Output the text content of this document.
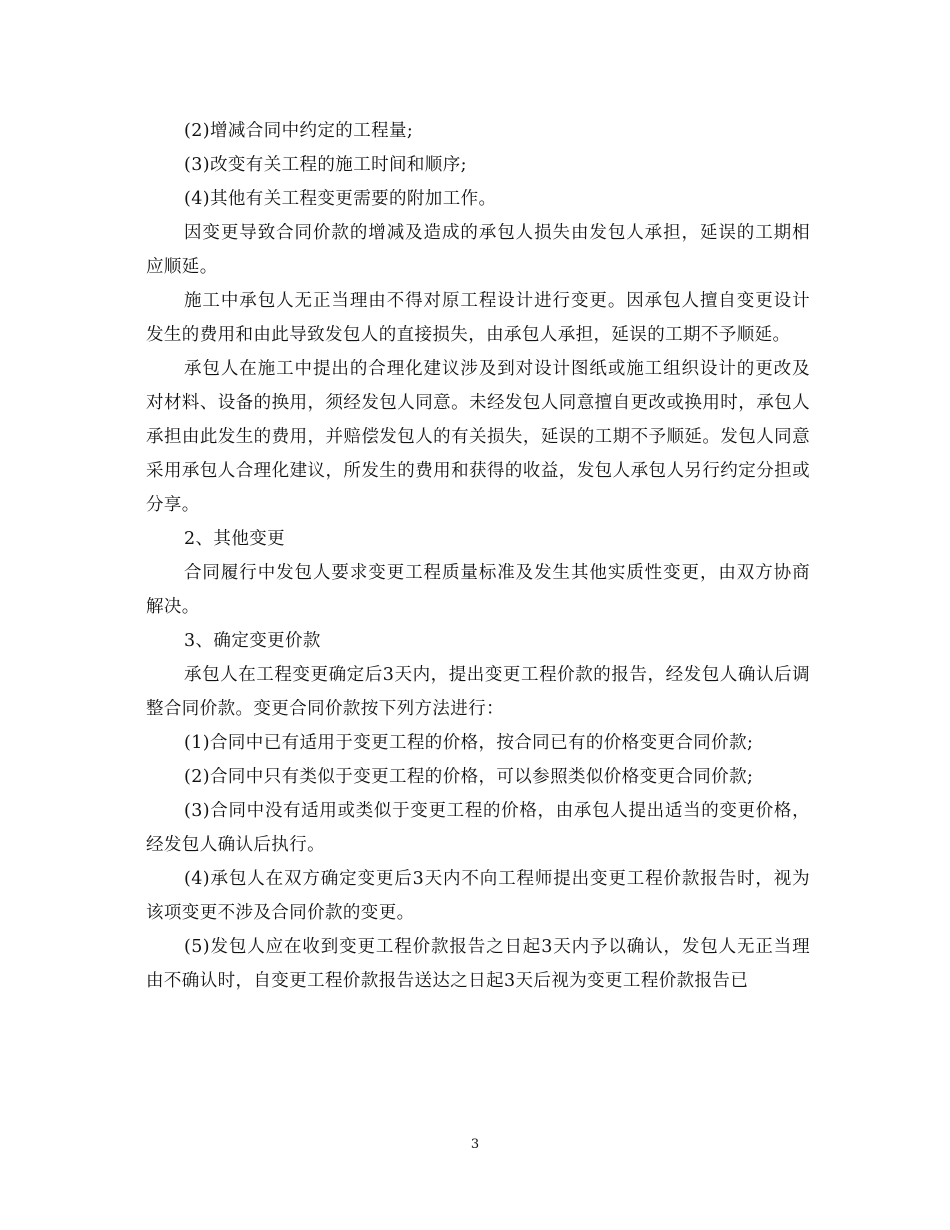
(2)增减合同中约定的工程量;

(3)改变有关工程的施工时间和顺序;

(4)其他有关工程变更需要的附加工作。

因变更导致合同价款的增减及造成的承包人损失由发包人承担，延误的工期相应顺延。

施工中承包人无正当理由不得对原工程设计进行变更。因承包人擅自变更设计发生的费用和由此导致发包人的直接损失，由承包人承担，延误的工期不予顺延。

承包人在施工中提出的合理化建议涉及到对设计图纸或施工组织设计的更改及对材料、设备的换用，须经发包人同意。未经发包人同意擅自更改或换用时，承包人承担由此发生的费用，并赔偿发包人的有关损失，延误的工期不予顺延。发包人同意采用承包人合理化建议，所发生的费用和获得的收益，发包人承包人另行约定分担或分享。

2、其他变更

合同履行中发包人要求变更工程质量标准及发生其他实质性变更，由双方协商解决。

3、确定变更价款

承包人在工程变更确定后3天内，提出变更工程价款的报告，经发包人确认后调整合同价款。变更合同价款按下列方法进行：

(1)合同中已有适用于变更工程的价格，按合同已有的价格变更合同价款;

(2)合同中只有类似于变更工程的价格，可以参照类似价格变更合同价款;

(3)合同中没有适用或类似于变更工程的价格，由承包人提出适当的变更价格，经发包人确认后执行。

(4)承包人在双方确定变更后3天内不向工程师提出变更工程价款报告时，视为该项变更不涉及合同价款的变更。

(5)发包人应在收到变更工程价款报告之日起3天内予以确认，发包人无正当理由不确认时，自变更工程价款报告送达之日起3天后视为变更工程价款报告已

3
